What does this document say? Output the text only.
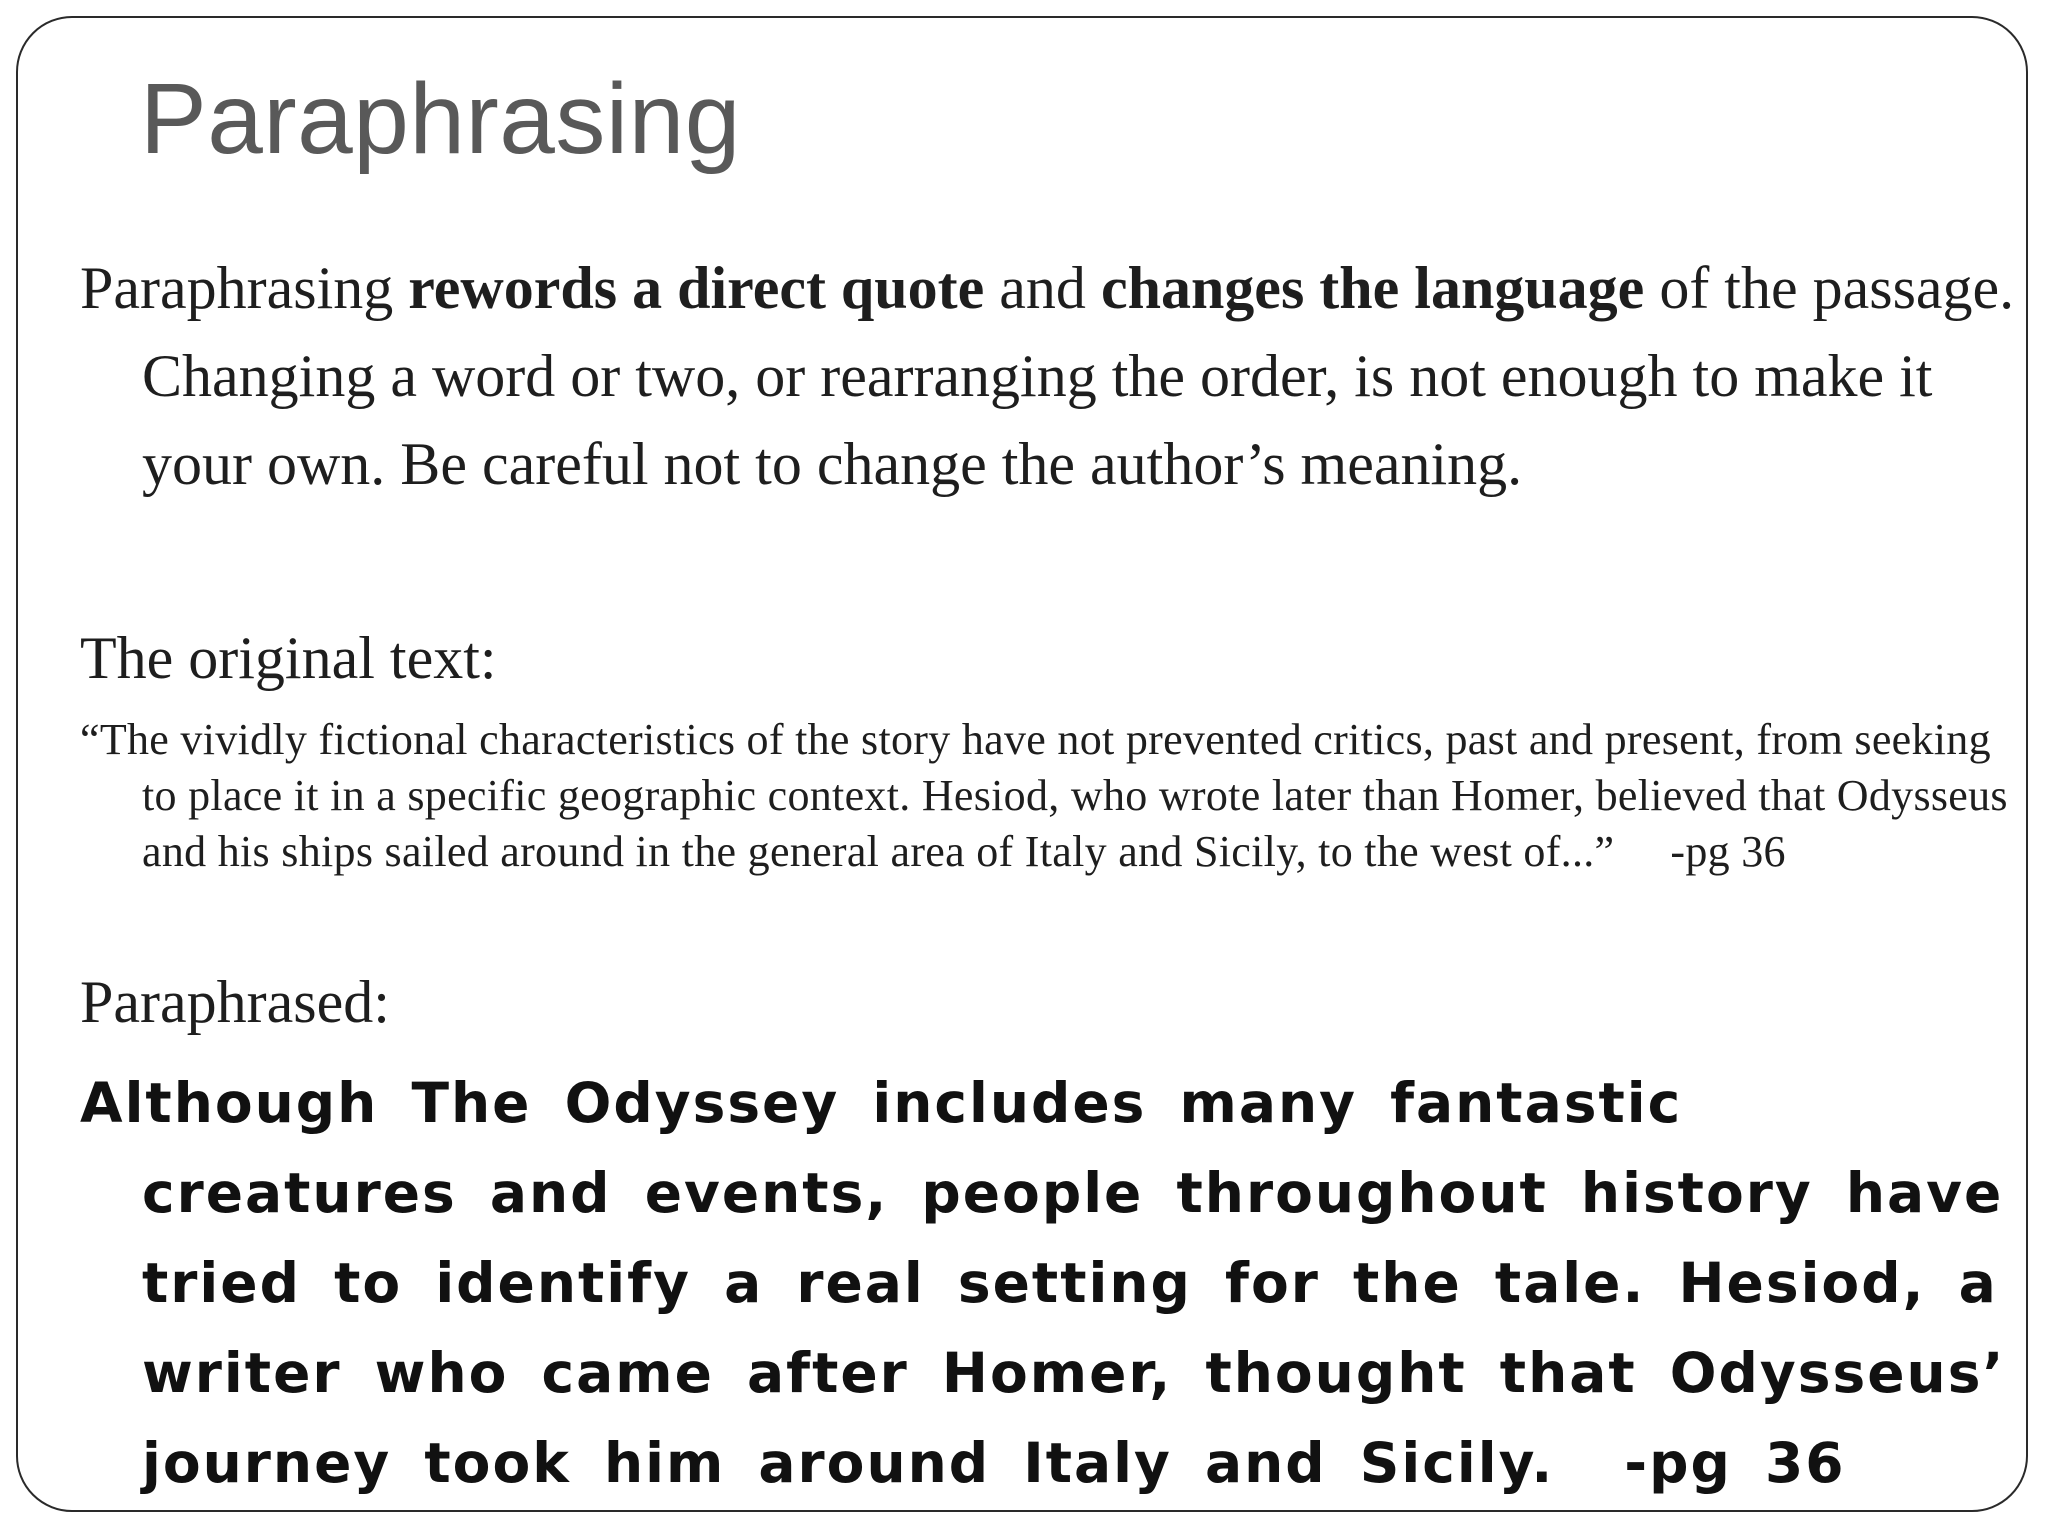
Paraphrasing

Paraphrasing rewords a direct quote and changes the language of the passage. Changing a word or two, or rearranging the order, is not enough to make it your own. Be careful not to change the author’s meaning.

The original text:

“The vividly fictional characteristics of the story have not prevented critics, past and present, from seeking to place it in a specific geographic context. Hesiod, who wrote later than Homer, believed that Odysseus and his ships sailed around in the general area of Italy and Sicily, to the west of...” -pg 36

Paraphrased:

Although The Odyssey includes many fantastic creatures and events, people throughout history have tried to identify a real setting for the tale. Hesiod, a writer who came after Homer, thought that Odysseus’ journey took him around Italy and Sicily. -pg 36
